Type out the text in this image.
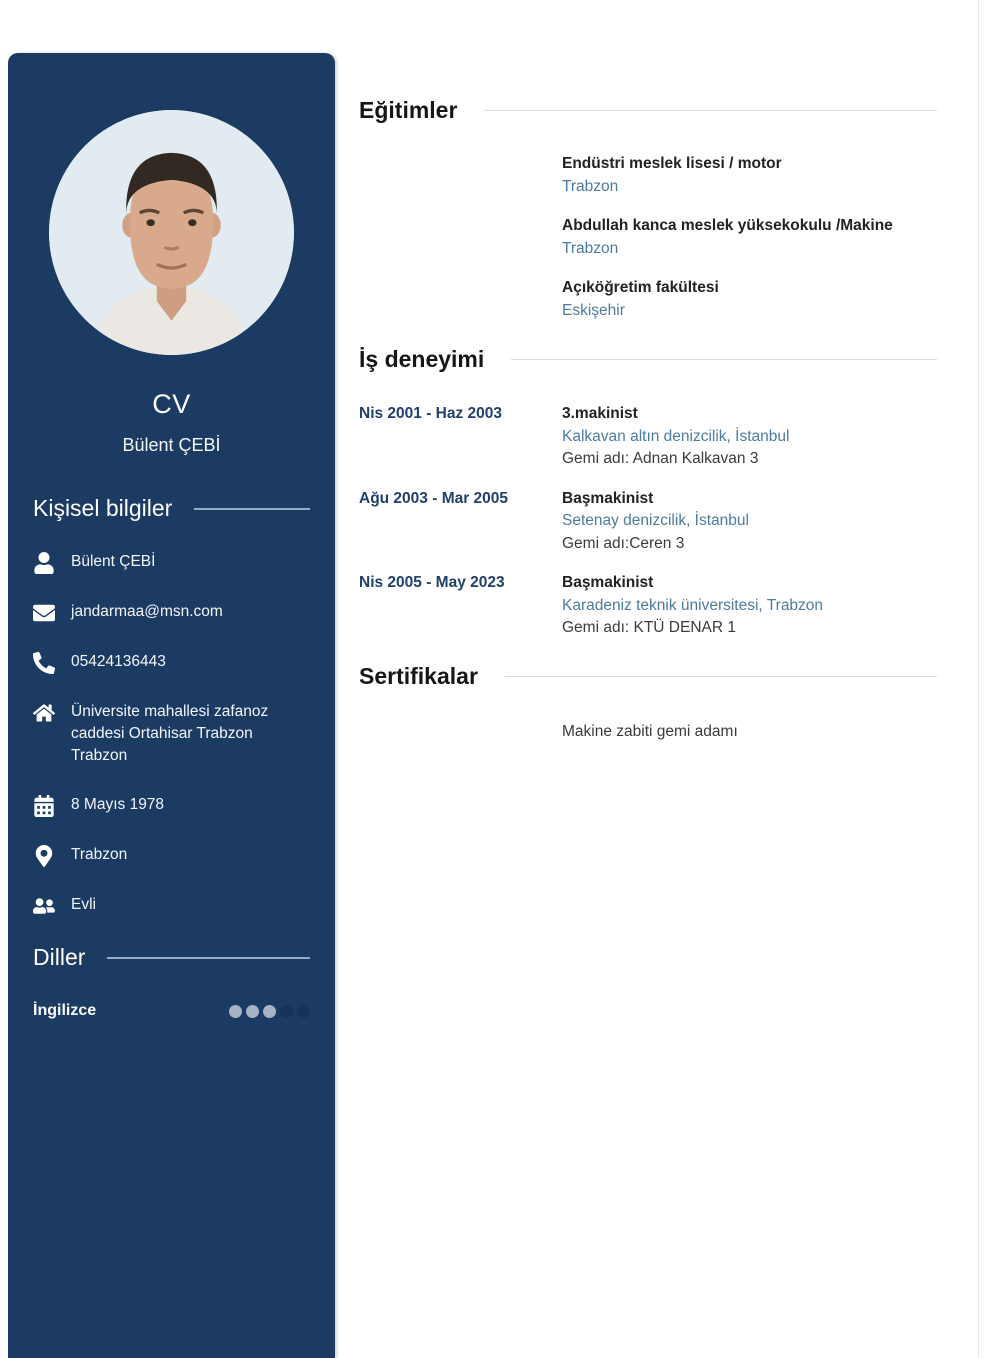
CV
Bülent ÇEBİ
Kişisel bilgiler
Bülent ÇEBİ
jandarmaa@msn.com
05424136443
Üniversite mahallesi zafanoz caddesi Ortahisar Trabzon Trabzon
8 Mayıs 1978
Trabzon
Evli
Diller
İngilizce
Eğitimler
Endüstri meslek lisesi / motor
Trabzon
Abdullah kanca meslek yüksekokulu /Makine
Trabzon
Açıköğretim fakültesi
Eskişehir
İş deneyimi
Nis 2001 - Haz 2003	3.makinist
Kalkavan altın denizcilik, İstanbul
Gemi adı: Adnan Kalkavan 3
Ağu 2003 - Mar 2005	Başmakinist
Setenay denizcilik, İstanbul
Gemi adı:Ceren 3
Nis 2005 - May 2023	Başmakinist
Karadeniz teknik üniversitesi, Trabzon
Gemi adı: KTÜ DENAR 1
Sertifikalar
Makine zabiti gemi adamı
